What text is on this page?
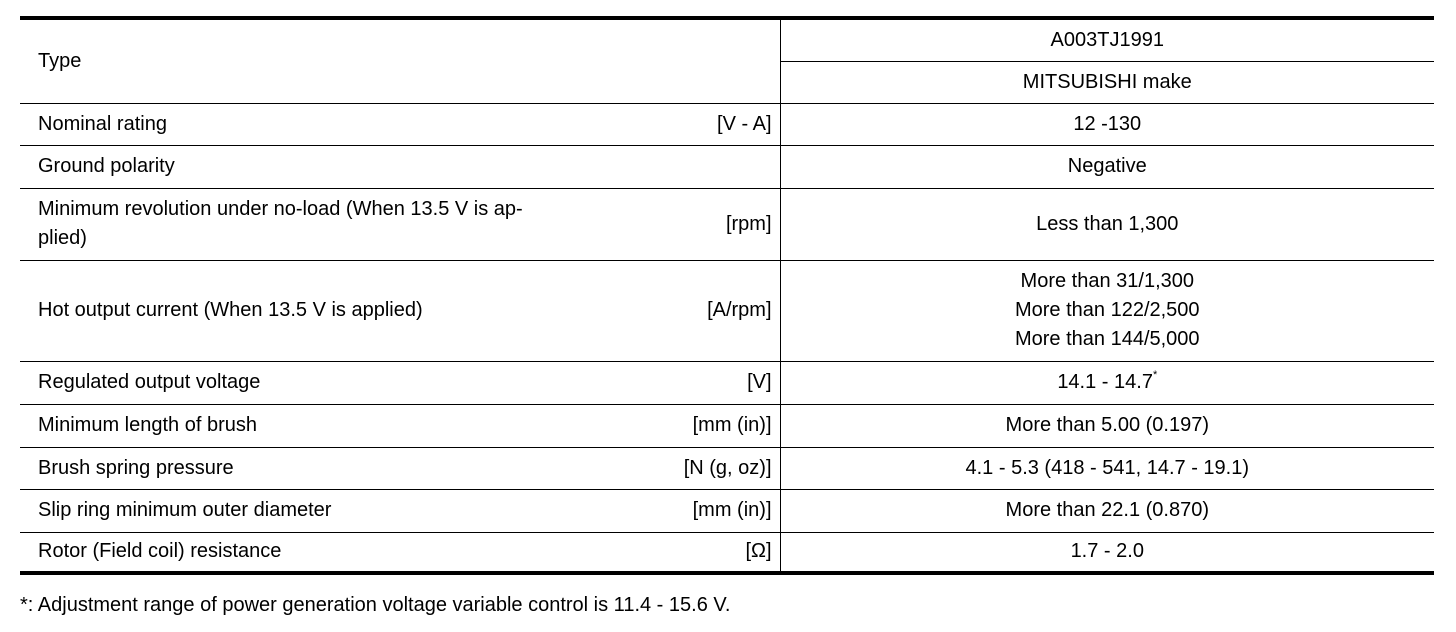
Type		A003TJ1991
		MITSUBISHI make
Nominal rating	[V - A]	12 -130
Ground polarity		Negative

Minimum revolution under no-load (When 13.5 V is ap-
plied)	[rpm]	Less than 1,300
Hot output current (When 13.5 V is applied)	[A/rpm]	More than 31/1,300
More than 122/2,500
More than 144/5,000

Regulated output voltage	[V]	14.1 - 14.7*
Minimum length of brush	[mm (in)]	More than 5.00 (0.197)
Brush spring pressure	[N (g, oz)]	4.1 - 5.3 (418 - 541, 14.7 - 19.1)
Slip ring minimum outer diameter	[mm (in)]	More than 22.1 (0.870)
Rotor (Field coil) resistance	[Ω]	1.7 - 2.0
*: Adjustment range of power generation voltage variable control is 11.4 - 15.6 V.
